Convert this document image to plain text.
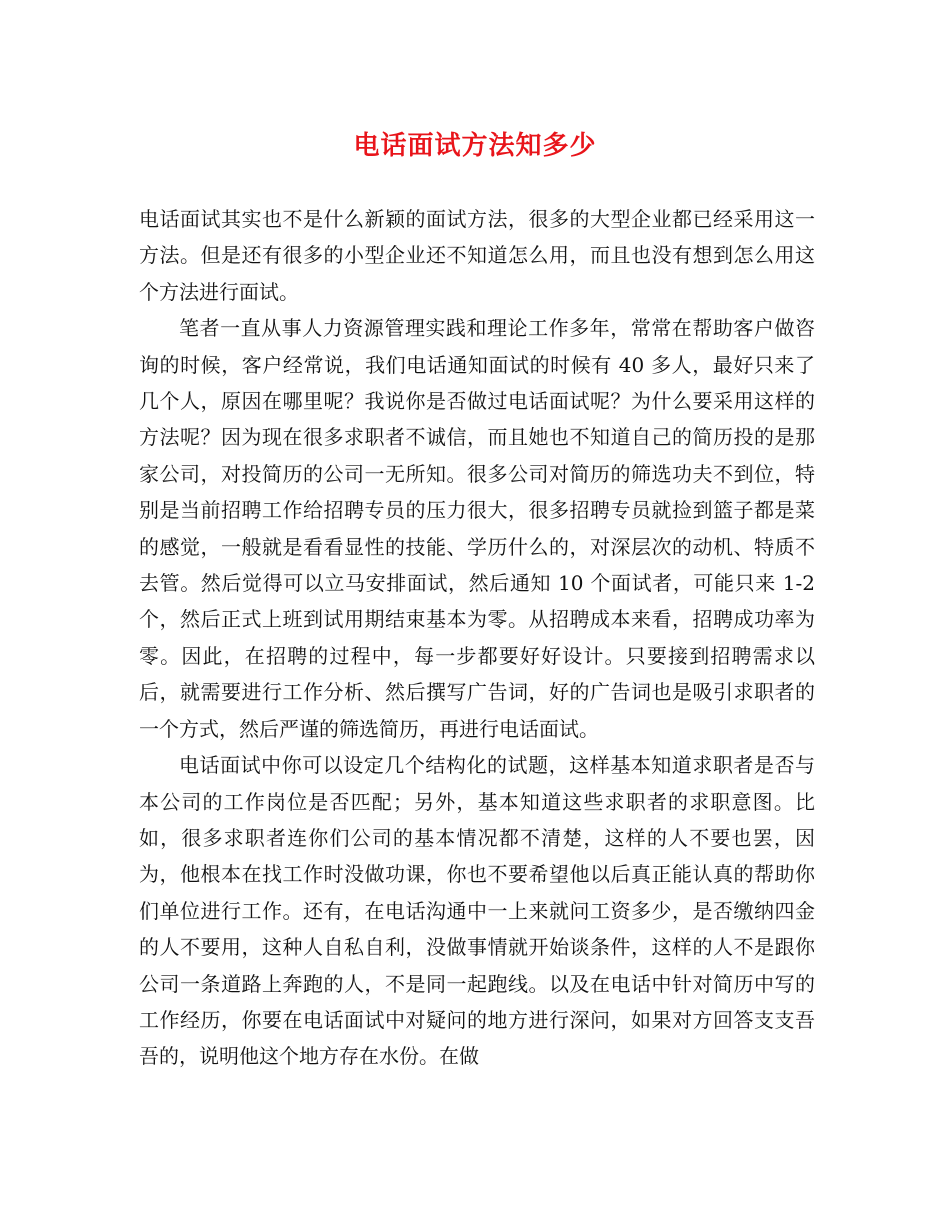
电话面试方法知多少

电话面试其实也不是什么新颖的面试方法，很多的大型企业都已经采用这一方法。但是还有很多的小型企业还不知道怎么用，而且也没有想到怎么用这个方法进行面试。

笔者一直从事人力资源管理实践和理论工作多年，常常在帮助客户做咨询的时候，客户经常说，我们电话通知面试的时候有 40 多人，最好只来了几个人，原因在哪里呢？我说你是否做过电话面试呢？为什么要采用这样的方法呢？因为现在很多求职者不诚信，而且她也不知道自己的简历投的是那家公司，对投简历的公司一无所知。很多公司对简历的筛选功夫不到位，特别是当前招聘工作给招聘专员的压力很大，很多招聘专员就捡到篮子都是菜的感觉，一般就是看看显性的技能、学历什么的，对深层次的动机、特质不去管。然后觉得可以立马安排面试，然后通知 10 个面试者，可能只来 1-2 个，然后正式上班到试用期结束基本为零。从招聘成本来看，招聘成功率为零。因此，在招聘的过程中，每一步都要好好设计。只要接到招聘需求以后，就需要进行工作分析、然后撰写广告词，好的广告词也是吸引求职者的一个方式，然后严谨的筛选简历，再进行电话面试。

电话面试中你可以设定几个结构化的试题，这样基本知道求职者是否与本公司的工作岗位是否匹配；另外，基本知道这些求职者的求职意图。比如，很多求职者连你们公司的基本情况都不清楚，这样的人不要也罢，因为，他根本在找工作时没做功课，你也不要希望他以后真正能认真的帮助你们单位进行工作。还有，在电话沟通中一上来就问工资多少，是否缴纳四金的人不要用，这种人自私自利，没做事情就开始谈条件，这样的人不是跟你公司一条道路上奔跑的人，不是同一起跑线。以及在电话中针对简历中写的工作经历，你要在电话面试中对疑问的地方进行深问，如果对方回答支支吾吾的，说明他这个地方存在水份。在做
